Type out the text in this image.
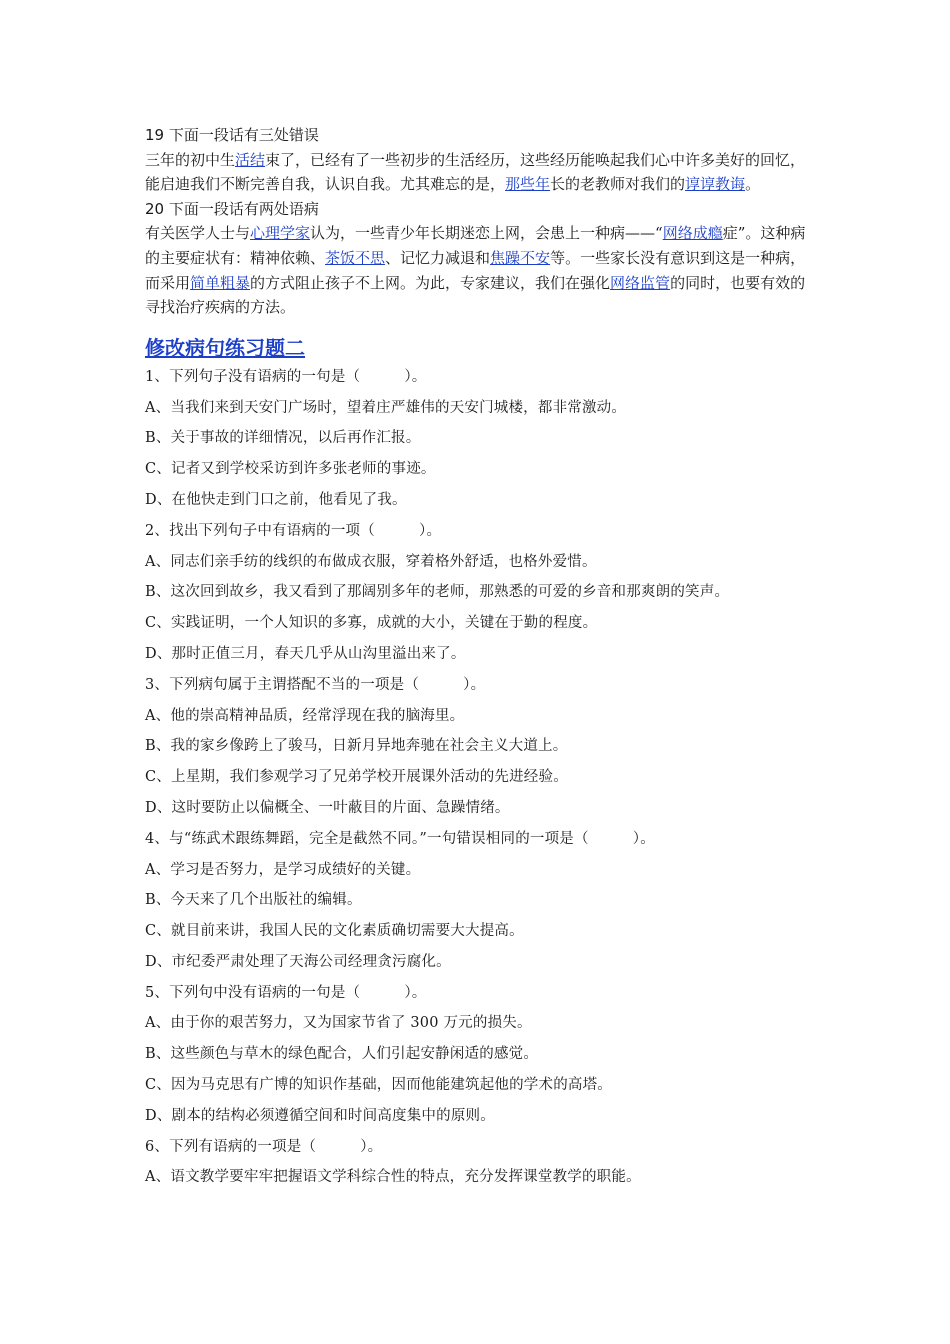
19 下面一段话有三处错误

三年的初中生活结束了，已经有了一些初步的生活经历，这些经历能唤起我们心中许多美好的回忆，能启迪我们不断完善自我，认识自我。尤其难忘的是，那些年长的老教师对我们的谆谆教诲。

20 下面一段话有两处语病

有关医学人士与心理学家认为，一些青少年长期迷恋上网，会患上一种病——“网络成瘾症”。这种病的主要症状有：精神依赖、茶饭不思、记忆力减退和焦躁不安等。一些家长没有意识到这是一种病，而采用简单粗暴的方式阻止孩子不上网。为此，专家建议，我们在强化网络监管的同时，也要有效的寻找治疗疾病的方法。

修改病句练习题二
1、下列句子没有语病的一句是（　　　）。
A、当我们来到天安门广场时，望着庄严雄伟的天安门城楼，都非常激动。
B、关于事故的详细情况，以后再作汇报。
C、记者又到学校采访到许多张老师的事迹。
D、在他快走到门口之前，他看见了我。
2、找出下列句子中有语病的一项（　　　）。
A、同志们亲手纺的线织的布做成衣服，穿着格外舒适，也格外爱惜。
B、这次回到故乡，我又看到了那阔别多年的老师，那熟悉的可爱的乡音和那爽朗的笑声。
C、实践证明，一个人知识的多寡，成就的大小，关键在于勤的程度。
D、那时正值三月，春天几乎从山沟里溢出来了。
3、下列病句属于主谓搭配不当的一项是（　　　）。
A、他的崇高精神品质，经常浮现在我的脑海里。
B、我的家乡像跨上了骏马，日新月异地奔驰在社会主义大道上。
C、上星期，我们参观学习了兄弟学校开展课外活动的先进经验。
D、这时要防止以偏概全、一叶蔽目的片面、急躁情绪。
4、与“练武术跟练舞蹈，完全是截然不同。”一句错误相同的一项是（　　　）。
A、学习是否努力，是学习成绩好的关键。
B、今天来了几个出版社的编辑。
C、就目前来讲，我国人民的文化素质确切需要大大提高。
D、市纪委严肃处理了天海公司经理贪污腐化。
5、下列句中没有语病的一句是（　　　）。
A、由于你的艰苦努力，又为国家节省了 300 万元的损失。
B、这些颜色与草木的绿色配合，人们引起安静闲适的感觉。
C、因为马克思有广博的知识作基础，因而他能建筑起他的学术的高塔。
D、剧本的结构必须遵循空间和时间高度集中的原则。
6、下列有语病的一项是（　　　）。
A、语文教学要牢牢把握语文学科综合性的特点，充分发挥课堂教学的职能。
